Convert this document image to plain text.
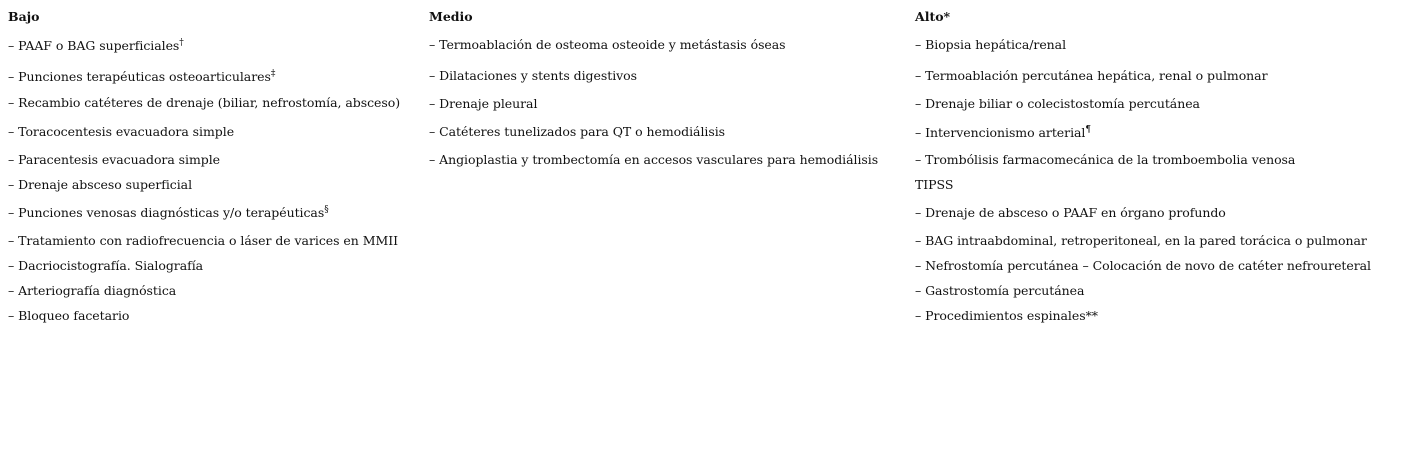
Bajo
– PAAF o BAG superficiales†
– Punciones terapéuticas osteoarticulares‡
– Recambio catéteres de drenaje (biliar, nefrostomía, absceso)
– Toracocentesis evacuadora simple
– Paracentesis evacuadora simple
– Drenaje absceso superficial
– Punciones venosas diagnósticas y/o terapéuticas§
– Tratamiento con radiofrecuencia o láser de varices en MMII
– Dacriocistografía. Sialografía
– Arteriografía diagnóstica
– Bloqueo facetario
Medio
– Termoablación de osteoma osteoide y metástasis óseas
– Dilataciones y stents digestivos
– Drenaje pleural
– Catéteres tunelizados para QT o hemodiálisis
– Angioplastia y trombectomía en accesos vasculares para hemodiálisis
Alto*
– Biopsia hepática/renal
– Termoablación percutánea hepática, renal o pulmonar
– Drenaje biliar o colecistostomía percutánea
– Intervencionismo arterial¶
– Trombólisis farmacomecánica de la tromboembolia venosa
TIPSS
– Drenaje de absceso o PAAF en órgano profundo
– BAG intraabdominal, retroperitoneal, en la pared torácica o pulmonar
– Nefrostomía percutánea – Colocación de novo de catéter nefroureteral
– Gastrostomía percutánea
– Procedimientos espinales**
